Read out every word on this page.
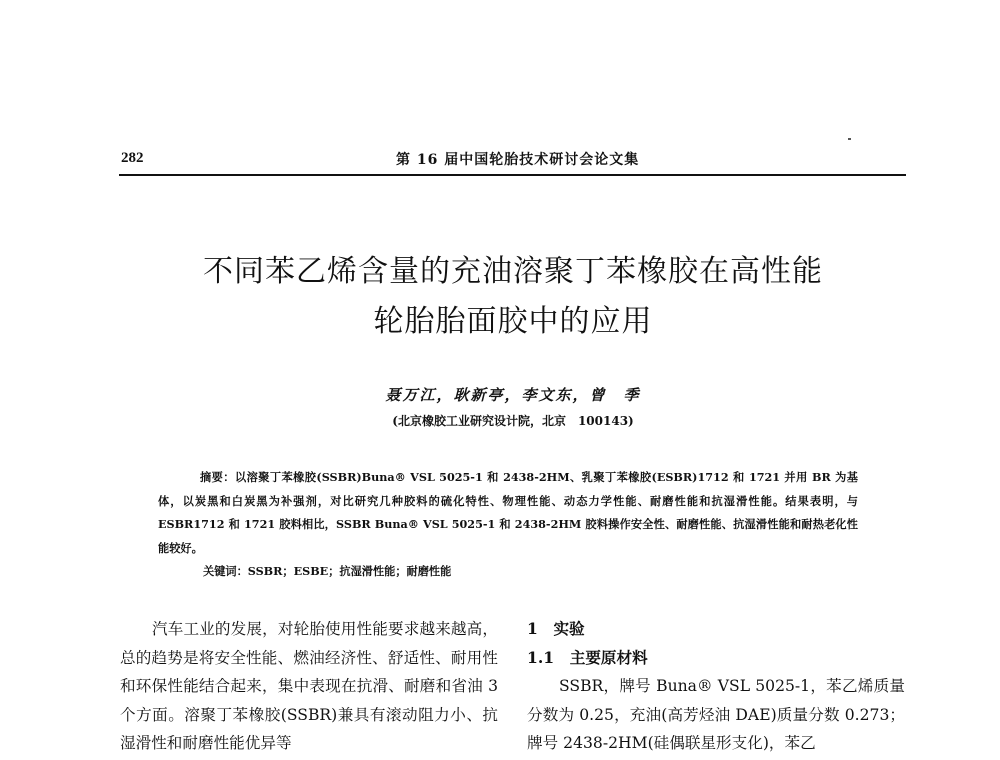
282	第 16 届中国轮胎技术研讨会论文集
不同苯乙烯含量的充油溶聚丁苯橡胶在高性能
轮胎胎面胶中的应用
聂万江，耿新亭，李文东，曾　季
(北京橡胶工业研究设计院，北京　100143)
摘要：以溶聚丁苯橡胶(SSBR)Buna® VSL 5025-1 和 2438-2HM、乳聚丁苯橡胶(ESBR)1712 和 1721 并用 BR 为基体，以炭黑和白炭黑为补强剂，对比研究几种胶料的硫化特性、物理性能、动态力学性能、耐磨性能和抗湿滑性能。结果表明，与 ESBR1712 和 1721 胶料相比，SSBR Buna® VSL 5025-1 和 2438-2HM 胶料操作安全性、耐磨性能、抗湿滑性能和耐热老化性能较好。
关键词：SSBR；ESBE；抗湿滑性能；耐磨性能
汽车工业的发展，对轮胎使用性能要求越来越高，总的趋势是将安全性能、燃油经济性、舒适性、耐用性和环保性能结合起来，集中表现在抗滑、耐磨和省油 3 个方面。溶聚丁苯橡胶(SSBR)兼具有滚动阻力小、抗湿滑性和耐磨性能优异等
1　实验
1.1　主要原材料
SSBR，牌号 Buna® VSL 5025-1，苯乙烯质量分数为 0.25，充油(高芳烃油 DAE)质量分数 0.273；牌号 2438-2HM(硅偶联星形支化)，苯乙
